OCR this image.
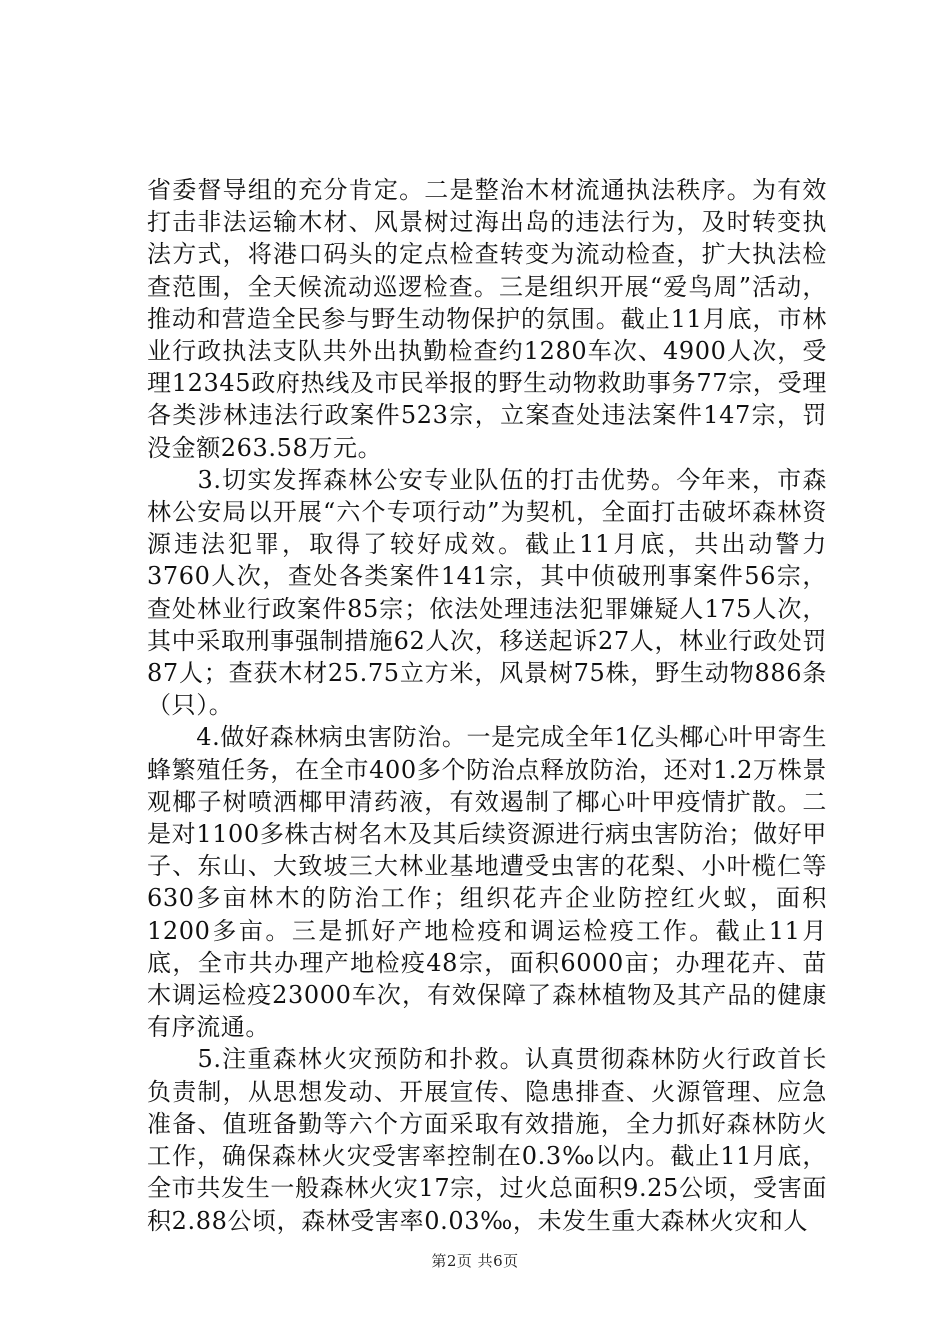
省委督导组的充分肯定。二是整治木材流通执法秩序。为有效打击非法运输木材、风景树过海出岛的违法行为，及时转变执法方式，将港口码头的定点检查转变为流动检查，扩大执法检查范围，全天候流动巡逻检查。三是组织开展“爱鸟周”活动，推动和营造全民参与野生动物保护的氛围。截止11月底，市林业行政执法支队共外出执勤检查约1280车次、4900人次，受理12345政府热线及市民举报的野生动物救助事务77宗，受理各类涉林违法行政案件523宗，立案查处违法案件147宗，罚没金额263.58万元。

　　3.切实发挥森林公安专业队伍的打击优势。今年来，市森林公安局以开展“六个专项行动”为契机，全面打击破坏森林资源违法犯罪，取得了较好成效。截止11月底，共出动警力3760人次，查处各类案件141宗，其中侦破刑事案件56宗，查处林业行政案件85宗；依法处理违法犯罪嫌疑人175人次，其中采取刑事强制措施62人次，移送起诉27人，林业行政处罚87人；查获木材25.75立方米，风景树75株，野生动物886条（只）。

　　4.做好森林病虫害防治。一是完成全年1亿头椰心叶甲寄生蜂繁殖任务，在全市400多个防治点释放防治，还对1.2万株景观椰子树喷洒椰甲清药液，有效遏制了椰心叶甲疫情扩散。二是对1100多株古树名木及其后续资源进行病虫害防治；做好甲子、东山、大致坡三大林业基地遭受虫害的花梨、小叶榄仁等630多亩林木的防治工作；组织花卉企业防控红火蚁，面积1200多亩。三是抓好产地检疫和调运检疫工作。截止11月底，全市共办理产地检疫48宗，面积6000亩；办理花卉、苗木调运检疫23000车次，有效保障了森林植物及其产品的健康有序流通。

　　5.注重森林火灾预防和扑救。认真贯彻森林防火行政首长负责制，从思想发动、开展宣传、隐患排查、火源管理、应急准备、值班备勤等六个方面采取有效措施，全力抓好森林防火工作，确保森林火灾受害率控制在0.3‰以内。截止11月底，全市共发生一般森林火灾17宗，过火总面积9.25公顷，受害面积2.88公顷，森林受害率0.03‰，未发生重大森林火灾和人

第2页 共6页
